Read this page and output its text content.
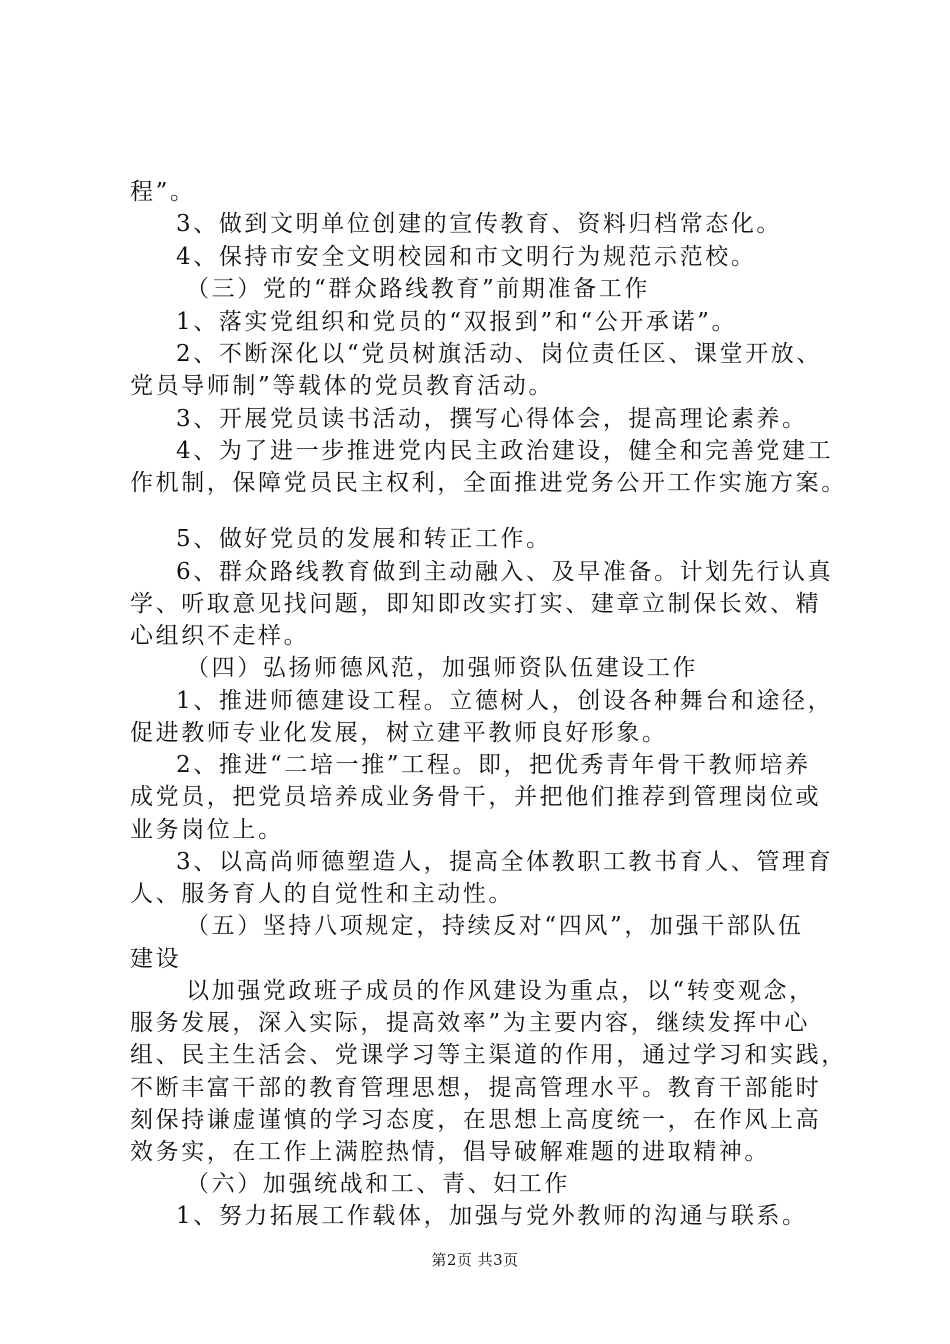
程”。
3、做到文明单位创建的宣传教育、资料归档常态化。
4、保持市安全文明校园和市文明行为规范示范校。
（三）党的“群众路线教育”前期准备工作
1、落实党组织和党员的“双报到”和“公开承诺”。
2、不断深化以“党员树旗活动、岗位责任区、课堂开放、
党员导师制”等载体的党员教育活动。
3、开展党员读书活动，撰写心得体会，提高理论素养。
4、为了进一步推进党内民主政治建设，健全和完善党建工
作机制，保障党员民主权利，全面推进党务公开工作实施方案。
5、做好党员的发展和转正工作。
6、群众路线教育做到主动融入、及早准备。计划先行认真
学、听取意见找问题，即知即改实打实、建章立制保长效、精
心组织不走样。
（四）弘扬师德风范，加强师资队伍建设工作
1、推进师德建设工程。立德树人，创设各种舞台和途径，
促进教师专业化发展，树立建平教师良好形象。
2、推进“二培一推”工程。即，把优秀青年骨干教师培养
成党员，把党员培养成业务骨干，并把他们推荐到管理岗位或
业务岗位上。
3、以高尚师德塑造人，提高全体教职工教书育人、管理育
人、服务育人的自觉性和主动性。
（五）坚持八项规定，持续反对“四风”，加强干部队伍
建设
以加强党政班子成员的作风建设为重点，以“转变观念，
服务发展，深入实际，提高效率”为主要内容，继续发挥中心
组、民主生活会、党课学习等主渠道的作用，通过学习和实践，
不断丰富干部的教育管理思想，提高管理水平。教育干部能时
刻保持谦虚谨慎的学习态度，在思想上高度统一，在作风上高
效务实，在工作上满腔热情，倡导破解难题的进取精神。
（六）加强统战和工、青、妇工作
1、努力拓展工作载体，加强与党外教师的沟通与联系。
第2页 共3页
